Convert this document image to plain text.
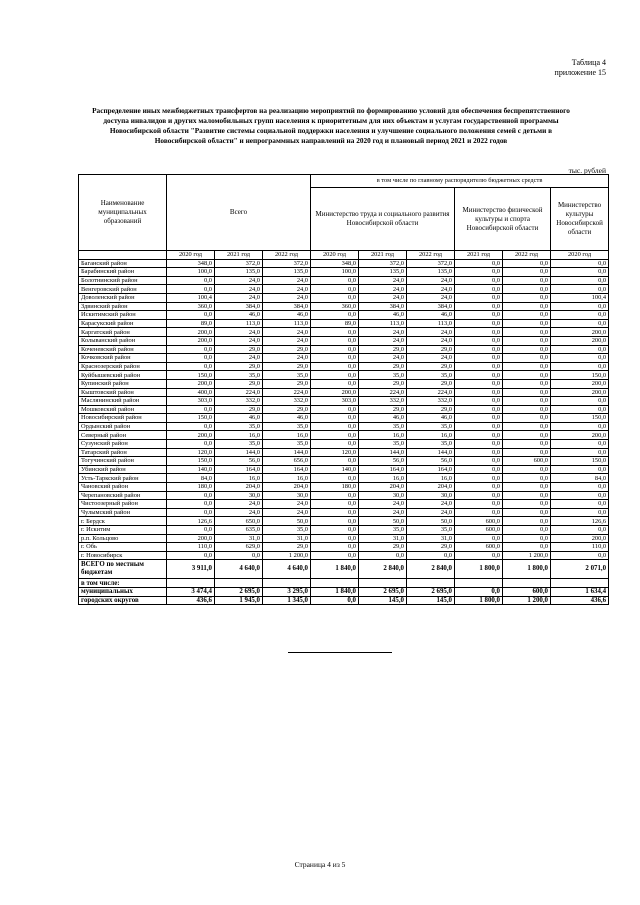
Таблица 4
приложение 15
Распределение иных межбюджетных трансфертов на реализацию мероприятий по формированию условий для обеспечения беспрепятственного доступа инвалидов и других маломобильных групп населения к приоритетным для них объектам и услугам государственной программы Новосибирской области "Развитие системы социальной поддержки населения и улучшение социального положения семей с детьми в Новосибирской области" и непрограммных направлений на 2020 год и плановый период 2021 и 2022 годов
тыс. рублей
Наименование муниципальных образований	Всего			в том числе по главному распорядителю бюджетных средств					
				Министерство труда и социального развития Новосибирской области			Министерство физической культуры и спорта Новосибирской области		Министерство культуры Новосибирской области

	2020 год	2021 год	2022 год	2020 год	2021 год	2022 год	2021 год	2022 год	2020 год
Баганский район	348,0	372,0	372,0	348,0	372,0	372,0	0,0	0,0	0,0
Барабинский район	100,0	135,0	135,0	100,0	135,0	135,0	0,0	0,0	0,0
Болотнинский район	0,0	24,0	24,0	0,0	24,0	24,0	0,0	0,0	0,0
Венгеровский район	0,0	24,0	24,0	0,0	24,0	24,0	0,0	0,0	0,0
Доволенский район	100,4	24,0	24,0	0,0	24,0	24,0	0,0	0,0	100,4
Здвинский район	360,0	384,0	384,0	360,0	384,0	384,0	0,0	0,0	0,0
Искитимский район	0,0	46,0	46,0	0,0	46,0	46,0	0,0	0,0	0,0
Карасукский район	89,0	113,0	113,0	89,0	113,0	113,0	0,0	0,0	0,0
Каргатский район	200,0	24,0	24,0	0,0	24,0	24,0	0,0	0,0	200,0
Колыванский район	200,0	24,0	24,0	0,0	24,0	24,0	0,0	0,0	200,0
Коченевский район	0,0	29,0	29,0	0,0	29,0	29,0	0,0	0,0	0,0
Кочковский район	0,0	24,0	24,0	0,0	24,0	24,0	0,0	0,0	0,0
Краснозерский район	0,0	29,0	29,0	0,0	29,0	29,0	0,0	0,0	0,0
Куйбышевский район	150,0	35,0	35,0	0,0	35,0	35,0	0,0	0,0	150,0
Купинский район	200,0	29,0	29,0	0,0	29,0	29,0	0,0	0,0	200,0
Кыштовский район	400,0	224,0	224,0	200,0	224,0	224,0	0,0	0,0	200,0
Маслянинский район	303,0	332,0	332,0	303,0	332,0	332,0	0,0	0,0	0,0
Мошковский район	0,0	29,0	29,0	0,0	29,0	29,0	0,0	0,0	0,0
Новосибирский район	150,0	46,0	46,0	0,0	46,0	46,0	0,0	0,0	150,0
Ордынский район	0,0	35,0	35,0	0,0	35,0	35,0	0,0	0,0	0,0
Северный район	200,0	16,0	16,0	0,0	16,0	16,0	0,0	0,0	200,0
Сузунский район	0,0	35,0	35,0	0,0	35,0	35,0	0,0	0,0	0,0
Татарский район	120,0	144,0	144,0	120,0	144,0	144,0	0,0	0,0	0,0
Тогучинский район	150,0	56,0	656,0	0,0	56,0	56,0	0,0	600,0	150,0
Убинский район	140,0	164,0	164,0	140,0	164,0	164,0	0,0	0,0	0,0
Усть-Таркский район	84,0	16,0	16,0	0,0	16,0	16,0	0,0	0,0	84,0
Чановский район	180,0	204,0	204,0	180,0	204,0	204,0	0,0	0,0	0,0
Черепановский район	0,0	30,0	30,0	0,0	30,0	30,0	0,0	0,0	0,0
Чистоозерный район	0,0	24,0	24,0	0,0	24,0	24,0	0,0	0,0	0,0
Чулымский район	0,0	24,0	24,0	0,0	24,0	24,0	0,0	0,0	0,0
г. Бердск	126,6	650,0	50,0	0,0	50,0	50,0	600,0	0,0	126,6
г. Искитим	0,0	635,0	35,0	0,0	35,0	35,0	600,0	0,0	0,0
р.п. Кольцово	200,0	31,0	31,0	0,0	31,0	31,0	0,0	0,0	200,0
г. Обь	110,0	629,0	29,0	0,0	29,0	29,0	600,0	0,0	110,0
г. Новосибирск	0,0	0,0	1 200,0	0,0	0,0	0,0	0,0	1 200,0	0,0
ВСЕГО по местным бюджетам	3 911,0	4 640,0	4 640,0	1 840,0	2 840,0	2 840,0	1 800,0	1 800,0	2 071,0
в том числе:									
муниципальных	3 474,4	2 695,0	3 295,0	1 840,0	2 695,0	2 695,0	0,0	600,0	1 634,4
городских округов	436,6	1 945,0	1 345,0	0,0	145,0	145,0	1 800,0	1 200,0	436,6
Страница 4 из 5
